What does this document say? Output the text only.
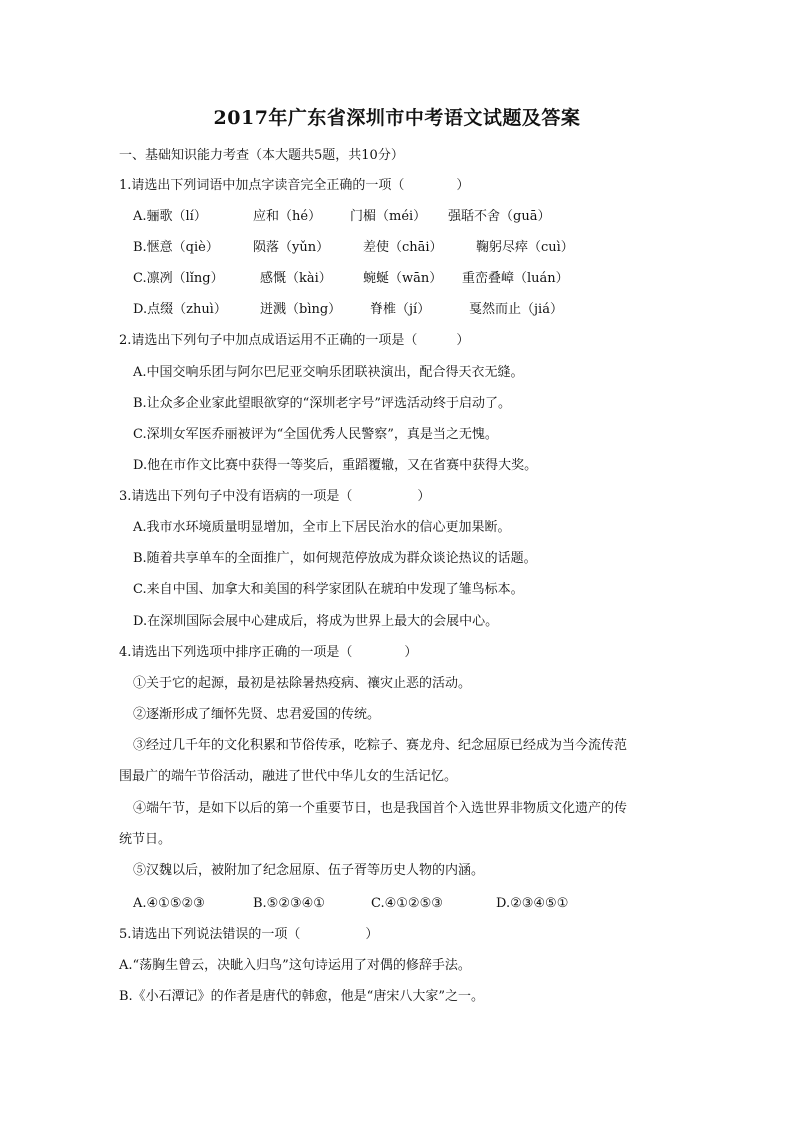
2017年广东省深圳市中考语文试题及答案
一、基础知识能力考查（本大题共5题，共10分）
1.请选出下列词语中加点字读音完全正确的一项（　　　　）
A.骊歌（lí）	应和（hé） 门楣（méi） 强聒不舍（guā）
B.惬意（qiè）	陨落（yǔn）	差使（chāi）	鞠躬尽瘁（cuì）
C.凛冽（lǐng）	感慨（kài） 蜿蜒（wān） 重峦叠嶂（luán）
D.点缀（zhuì）	迸溅（bìng） 脊椎（jí）	戛然而止（jiá）
2.请选出下列句子中加点成语运用不正确的一项是（　　　）
A.中国交响乐团与阿尔巴尼亚交响乐团联袂演出，配合得天衣无缝。
B.让众多企业家此望眼欲穿的“深圳老字号”评选活动终于启动了。
C.深圳女军医乔丽被评为“全国优秀人民警察”，真是当之无愧。
D.他在市作文比赛中获得一等奖后，重蹈覆辙，又在省赛中获得大奖。
3.请选出下列句子中没有语病的一项是（　　　　　）
A.我市水环境质量明显增加，全市上下居民治水的信心更加果断。
B.随着共享单车的全面推广，如何规范停放成为群众谈论热议的话题。
C.来自中国、加拿大和美国的科学家团队在琥珀中发现了雏鸟标本。
D.在深圳国际会展中心建成后，将成为世界上最大的会展中心。
4.请选出下列选项中排序正确的一项是（　　　　）
①关于它的起源，最初是祛除暑热疫病、禳灾止恶的活动。
②逐渐形成了缅怀先贤、忠君爱国的传统。
③经过几千年的文化积累和节俗传承，吃粽子、赛龙舟、纪念屈原已经成为当今流传范
围最广的端午节俗活动，融进了世代中华儿女的生活记忆。
④端午节，是如下以后的第一个重要节日，也是我国首个入选世界非物质文化遗产的传
统节日。
⑤汉魏以后，被附加了纪念屈原、伍子胥等历史人物的内涵。
A.④①⑤②③	B.⑤②③④①	C.④①②⑤③	D.②③④⑤①
5.请选出下列说法错误的一项（　　　　　）
A.“荡胸生曾云，决眦入归鸟”这句诗运用了对偶的修辞手法。
B.《小石潭记》的作者是唐代的韩愈，他是“唐宋八大家”之一。
